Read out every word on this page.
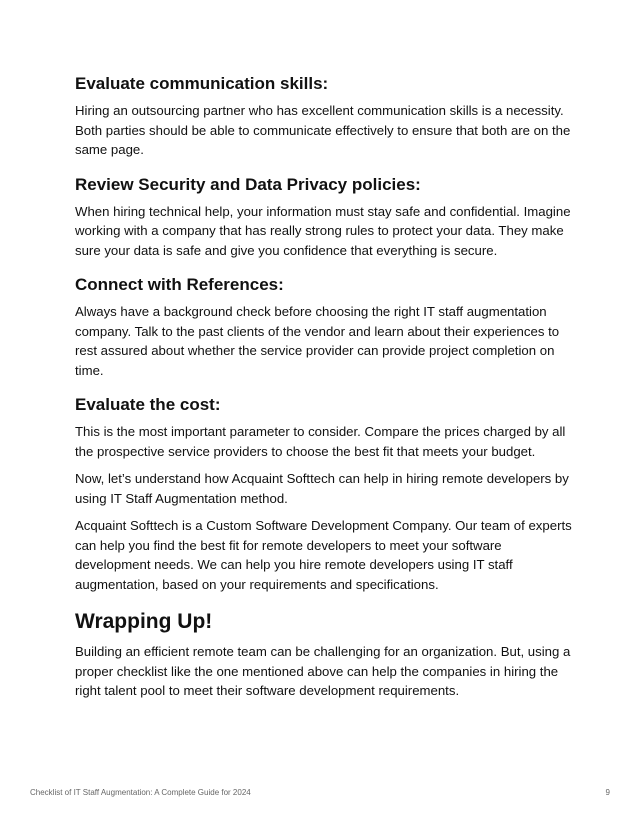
Evaluate communication skills:

Hiring an outsourcing partner who has excellent communication skills is a necessity. Both parties should be able to communicate effectively to ensure that both are on the same page.

Review Security and Data Privacy policies:

When hiring technical help, your information must stay safe and confidential. Imagine working with a company that has really strong rules to protect your data. They make sure your data is safe and give you confidence that everything is secure.

Connect with References:

Always have a background check before choosing the right IT staff augmentation company. Talk to the past clients of the vendor and learn about their experiences to rest assured about whether the service provider can provide project completion on time.

Evaluate the cost:

This is the most important parameter to consider. Compare the prices charged by all the prospective service providers to choose the best fit that meets your budget.

Now, let’s understand how Acquaint Softtech can help in hiring remote developers by using IT Staff Augmentation method.

Acquaint Softtech is a Custom Software Development Company. Our team of experts can help you find the best fit for remote developers to meet your software development needs. We can help you hire remote developers using IT staff augmentation, based on your requirements and specifications.

Wrapping Up!

Building an efficient remote team can be challenging for an organization. But, using a proper checklist like the one mentioned above can help the companies in hiring the right talent pool to meet their software development requirements.

Checklist of IT Staff Augmentation: A Complete Guide for 2024	9
